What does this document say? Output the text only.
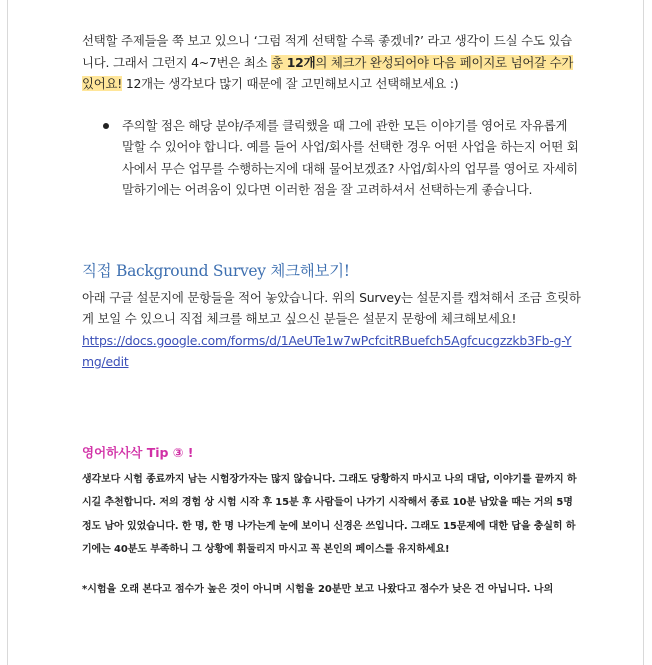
선택할 주제들을 쭉 보고 있으니 ‘그럼 적게 선택할 수록 좋겠네?’ 라고 생각이 드실 수도 있습니다. 그래서 그런지 4~7번은 최소 총 12개의 체크가 완성되어야 다음 페이지로 넘어갈 수가 있어요! 12개는 생각보다 많기 때문에 잘 고민해보시고 선택해보세요 :)

주의할 점은 해당 분야/주제를 클릭했을 때 그에 관한 모든 이야기를 영어로 자유롭게 말할 수 있어야 합니다. 예를 들어 사업/회사를 선택한 경우 어떤 사업을 하는지 어떤 회사에서 무슨 업무를 수행하는지에 대해 물어보겠죠? 사업/회사의 업무를 영어로 자세히 말하기에는 어려움이 있다면 이러한 점을 잘 고려하셔서 선택하는게 좋습니다.
직접 Background Survey 체크해보기!

아래 구글 설문지에 문항들을 적어 놓았습니다. 위의 Survey는 설문지를 캡쳐해서 조금 흐릿하게 보일 수 있으니 직접 체크를 해보고 싶으신 분들은 설문지 문항에 체크해보세요!
https://docs.google.com/forms/d/1AeUTe1w7wPcfcitRBuefch5Agfcucgzzkb3Fb-g-Ymg/edit

영어하사삭 Tip ③ !

생각보다 시험 종료까지 남는 시험장가자는 많지 않습니다. 그래도 당황하지 마시고 나의 대답, 이야기를 끝까지 하시길 추천합니다. 저의 경험 상 시험 시작 후 15분 후 사람들이 나가기 시작해서 종료 10분 남았을 때는 거의 5명 정도 남아 있었습니다. 한 명, 한 명 나가는게 눈에 보이니 신경은 쓰입니다. 그래도 15문제에 대한 답을 충실히 하기에는 40분도 부족하니 그 상황에 휘둘리지 마시고 꼭 본인의 페이스를 유지하세요!

*시험을 오래 본다고 점수가 높은 것이 아니며 시험을 20분만 보고 나왔다고 점수가 낮은 건 아닙니다. 나의
